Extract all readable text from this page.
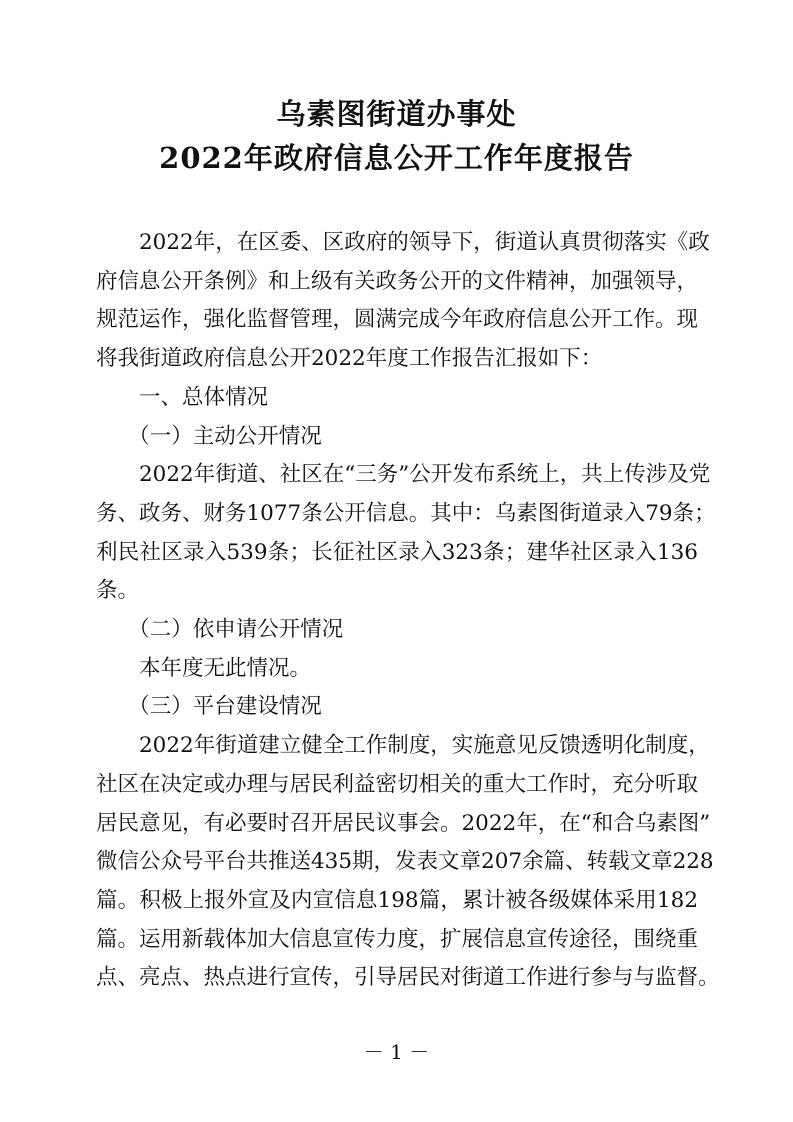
乌素图街道办事处
2022年政府信息公开工作年度报告
　　2022年，在区委、区政府的领导下，街道认真贯彻落实《政
府信息公开条例》和上级有关政务公开的文件精神，加强领导，
规范运作，强化监督管理，圆满完成今年政府信息公开工作。现
将我街道政府信息公开2022年度工作报告汇报如下：
　　一、总体情况
　　（一）主动公开情况
　　2022年街道、社区在“三务”公开发布系统上，共上传涉及党
务、政务、财务1077条公开信息。其中：乌素图街道录入79条；
利民社区录入539条；长征社区录入323条；建华社区录入136
条。
　　（二）依申请公开情况
　　本年度无此情况。
　　（三）平台建设情况
　　2022年街道建立健全工作制度，实施意见反馈透明化制度，
社区在决定或办理与居民利益密切相关的重大工作时，充分听取
居民意见，有必要时召开居民议事会。2022年，在“和合乌素图”
微信公众号平台共推送435期，发表文章207余篇、转载文章228
篇。积极上报外宣及内宣信息198篇，累计被各级媒体采用182
篇。运用新载体加大信息宣传力度，扩展信息宣传途径，围绕重
点、亮点、热点进行宣传，引导居民对街道工作进行参与与监督。
－ 1 －
